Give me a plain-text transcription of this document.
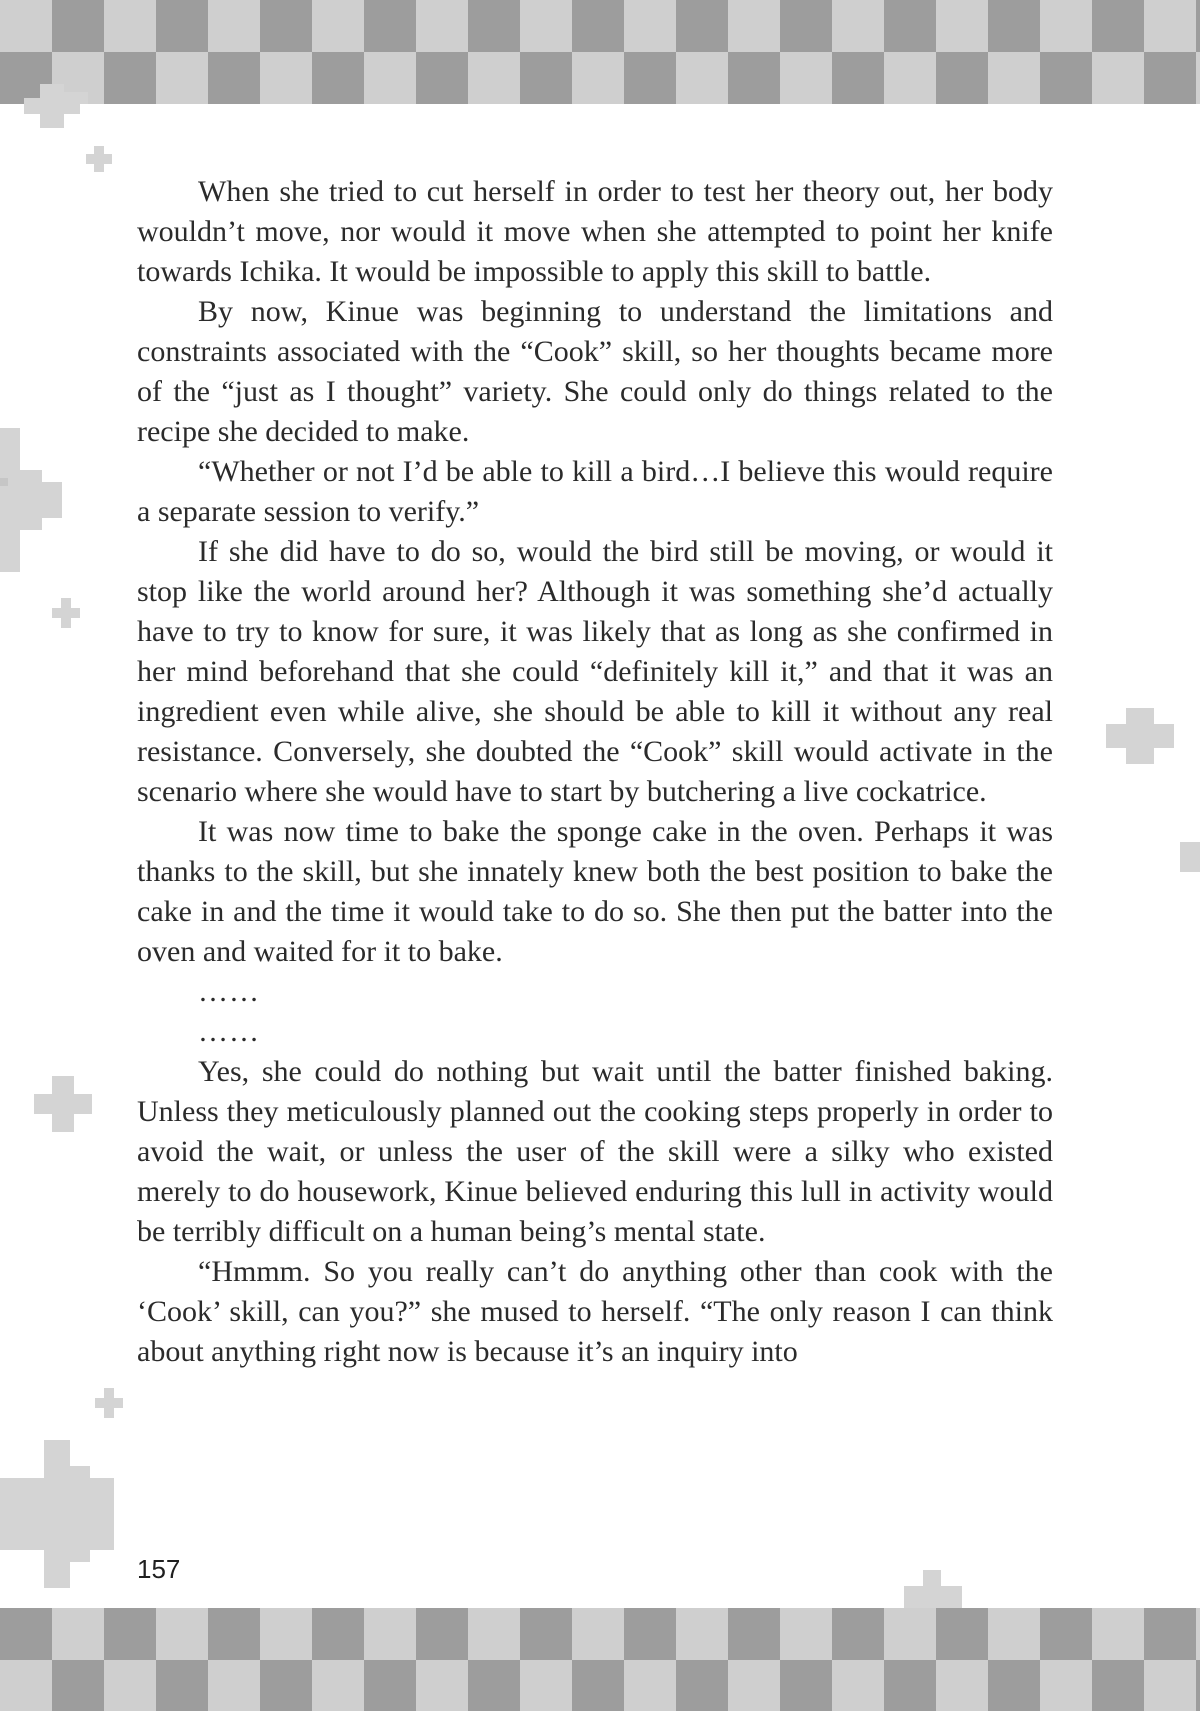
When she tried to cut herself in order to test her theory out, her body wouldn’t move, nor would it move when she attempted to point her knife towards Ichika. It would be impossible to apply this skill to battle.

By now, Kinue was beginning to understand the limitations and constraints associated with the “Cook” skill, so her thoughts became more of the “just as I thought” variety. She could only do things related to the recipe she decided to make.

“Whether or not I’d be able to kill a bird…I believe this would require a separate session to verify.”

If she did have to do so, would the bird still be moving, or would it stop like the world around her? Although it was something she’d actually have to try to know for sure, it was likely that as long as she confirmed in her mind beforehand that she could “definitely kill it,” and that it was an ingredient even while alive, she should be able to kill it without any real resistance. Conversely, she doubted the “Cook” skill would activate in the scenario where she would have to start by butchering a live cockatrice.

It was now time to bake the sponge cake in the oven. Perhaps it was thanks to the skill, but she innately knew both the best position to bake the cake in and the time it would take to do so. She then put the batter into the oven and waited for it to bake.

……

……

Yes, she could do nothing but wait until the batter finished baking. Unless they meticulously planned out the cooking steps properly in order to avoid the wait, or unless the user of the skill were a silky who existed merely to do housework, Kinue believed enduring this lull in activity would be terribly difficult on a human being’s mental state.

“Hmmm. So you really can’t do anything other than cook with the ‘Cook’ skill, can you?” she mused to herself. “The only reason I can think about anything right now is because it’s an inquiry into

157
